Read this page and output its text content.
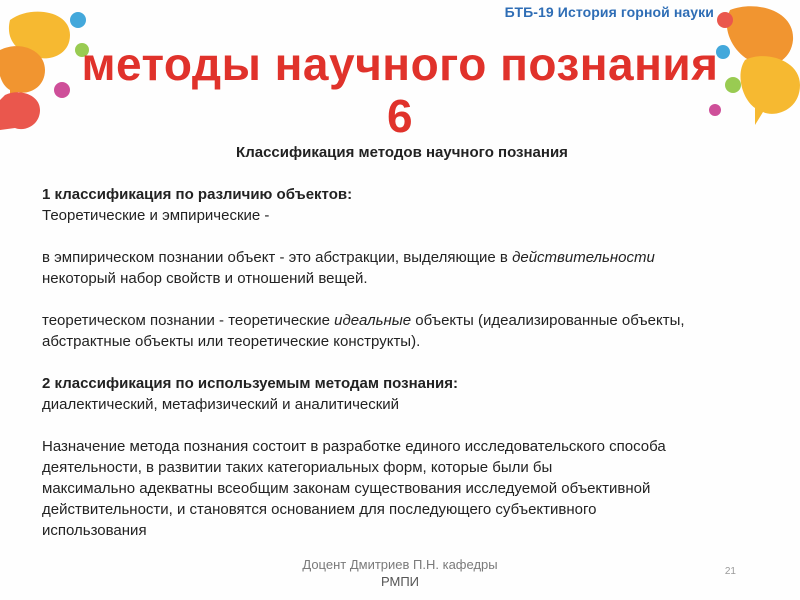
БТБ-19 История горной науки
методы научного познания
6

Классификация методов научного познания

1 классификация по различию объектов:

Теоретические и эмпирические -

в эмпирическом познании объект - это абстракции, выделяющие в действительности
некоторый набор свойств и отношений вещей.

теоретическом познании - теоретические идеальные объекты (идеализированные объекты,
абстрактные объекты или теоретические конструкты).

2 классификация по используемым методам познания:

диалектический, метафизический и аналитический

Назначение метода познания состоит в разработке единого исследовательского способа

деятельности, в развитии таких категориальных форм, которые были бы

максимально адекватны всеобщим законам существования исследуемой объективной

действительности, и становятся основанием для последующего субъективного

использования

Доцент Дмитриев П.Н. кафедры
РМПИ
21
